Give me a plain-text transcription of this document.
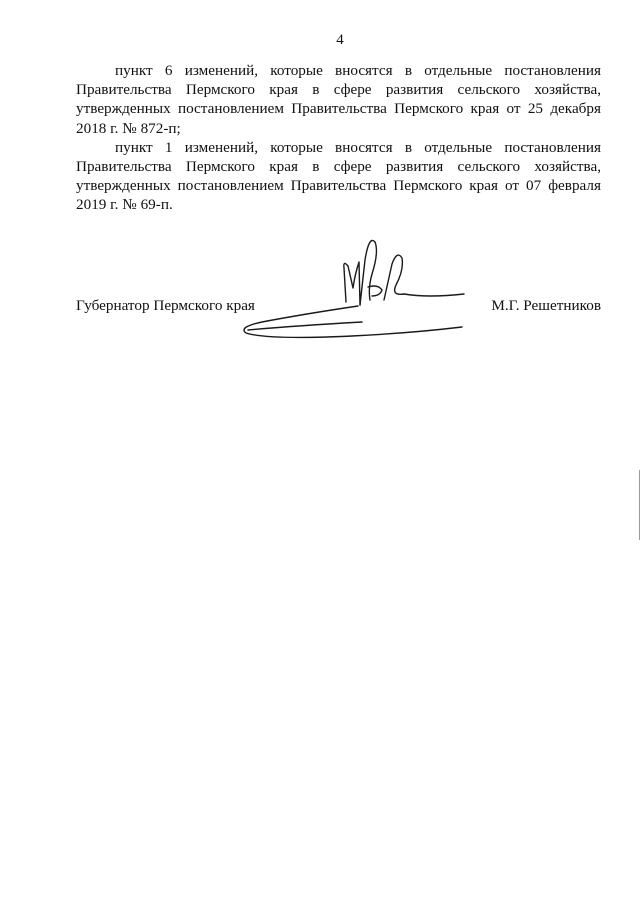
4

пункт 6 изменений, которые вносятся в отдельные постановления Правительства Пермского края в сфере развития сельского хозяйства, утвержденных постановлением Правительства Пермского края от 25 декабря 2018 г. № 872-п;

пункт 1 изменений, которые вносятся в отдельные постановления Правительства Пермского края в сфере развития сельского хозяйства, утвержденных постановлением Правительства Пермского края от 07 февраля 2019 г. № 69-п.

Губернатор Пермского края	М.Г. Решетников
